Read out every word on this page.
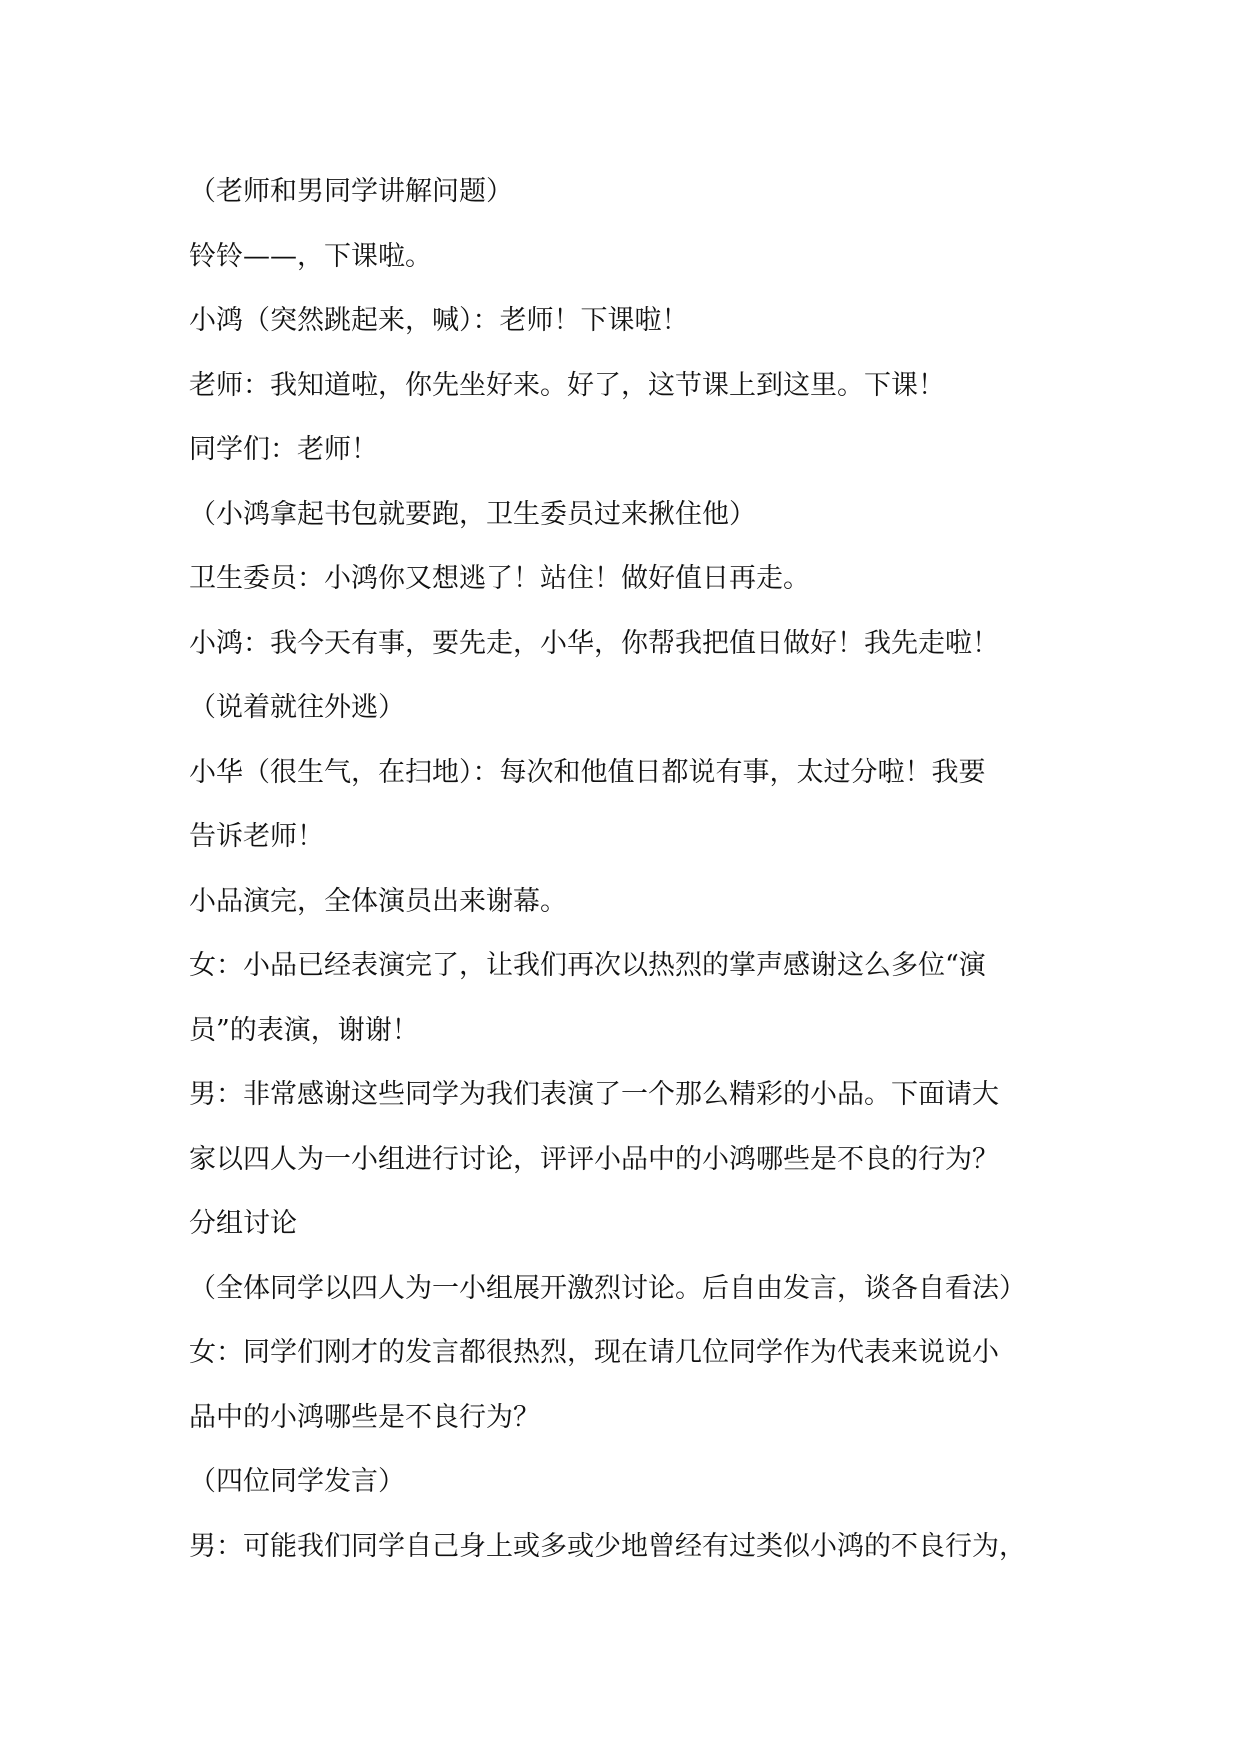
（老师和男同学讲解问题）
铃铃——，下课啦。
小鸿（突然跳起来，喊）：老师！下课啦！
老师：我知道啦，你先坐好来。好了，这节课上到这里。下课！
同学们：老师！
（小鸿拿起书包就要跑，卫生委员过来揪住他）
卫生委员：小鸿你又想逃了！站住！做好值日再走。
小鸿：我今天有事，要先走，小华，你帮我把值日做好！我先走啦！
（说着就往外逃）
小华（很生气，在扫地）：每次和他值日都说有事，太过分啦！我要
告诉老师！
小品演完，全体演员出来谢幕。
女：小品已经表演完了，让我们再次以热烈的掌声感谢这么多位“演
员”的表演，谢谢！
男：非常感谢这些同学为我们表演了一个那么精彩的小品。下面请大
家以四人为一小组进行讨论，评评小品中的小鸿哪些是不良的行为？
分组讨论
（全体同学以四人为一小组展开激烈讨论。后自由发言，谈各自看法）
女：同学们刚才的发言都很热烈，现在请几位同学作为代表来说说小
品中的小鸿哪些是不良行为？
（四位同学发言）
男：可能我们同学自己身上或多或少地曾经有过类似小鸿的不良行为，
